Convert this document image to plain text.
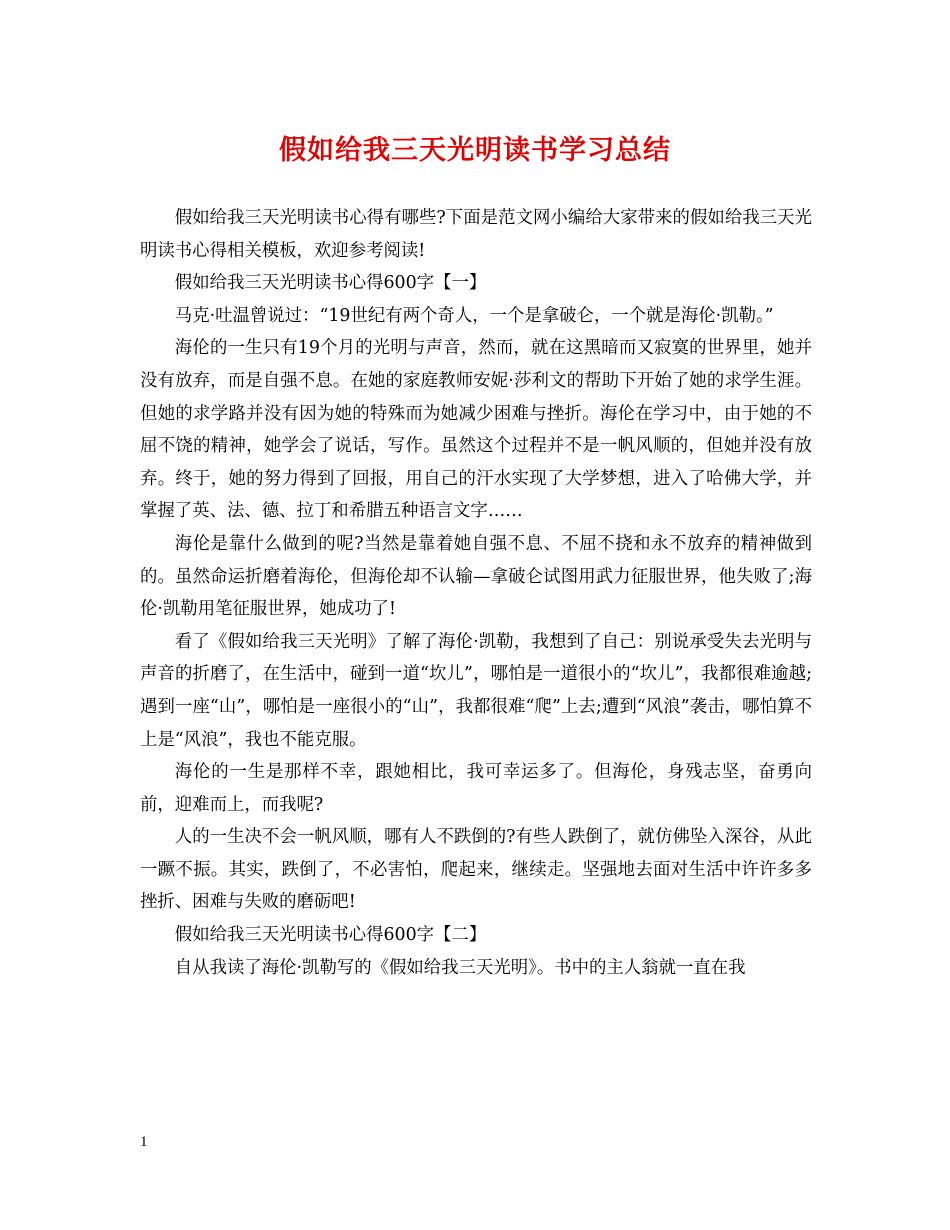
假如给我三天光明读书学习总结

假如给我三天光明读书心得有哪些?下面是范文网小编给大家带来的假如给我三天光明读书心得相关模板，欢迎参考阅读!

假如给我三天光明读书心得600字【一】

马克·吐温曾说过：“19世纪有两个奇人，一个是拿破仑，一个就是海伦·凯勒。”

海伦的一生只有19个月的光明与声音，然而，就在这黑暗而又寂寞的世界里，她并没有放弃，而是自强不息。在她的家庭教师安妮·莎利文的帮助下开始了她的求学生涯。但她的求学路并没有因为她的特殊而为她减少困难与挫折。海伦在学习中，由于她的不屈不饶的精神，她学会了说话，写作。虽然这个过程并不是一帆风顺的，但她并没有放弃。终于，她的努力得到了回报，用自己的汗水实现了大学梦想，进入了哈佛大学，并掌握了英、法、德、拉丁和希腊五种语言文字……

海伦是靠什么做到的呢?当然是靠着她自强不息、不屈不挠和永不放弃的精神做到的。虽然命运折磨着海伦，但海伦却不认输—拿破仑试图用武力征服世界，他失败了;海伦·凯勒用笔征服世界，她成功了!

看了《假如给我三天光明》了解了海伦·凯勒，我想到了自己：别说承受失去光明与声音的折磨了，在生活中，碰到一道“坎儿”，哪怕是一道很小的“坎儿”，我都很难逾越;遇到一座“山”，哪怕是一座很小的“山”，我都很难“爬”上去;遭到“风浪”袭击，哪怕算不上是“风浪”，我也不能克服。

海伦的一生是那样不幸，跟她相比，我可幸运多了。但海伦，身残志坚，奋勇向前，迎难而上，而我呢?

人的一生决不会一帆风顺，哪有人不跌倒的?有些人跌倒了，就仿佛坠入深谷，从此一蹶不振。其实，跌倒了，不必害怕，爬起来，继续走。坚强地去面对生活中许许多多挫折、困难与失败的磨砺吧!

假如给我三天光明读书心得600字【二】

自从我读了海伦·凯勒写的《假如给我三天光明》。书中的主人翁就一直在我

1
